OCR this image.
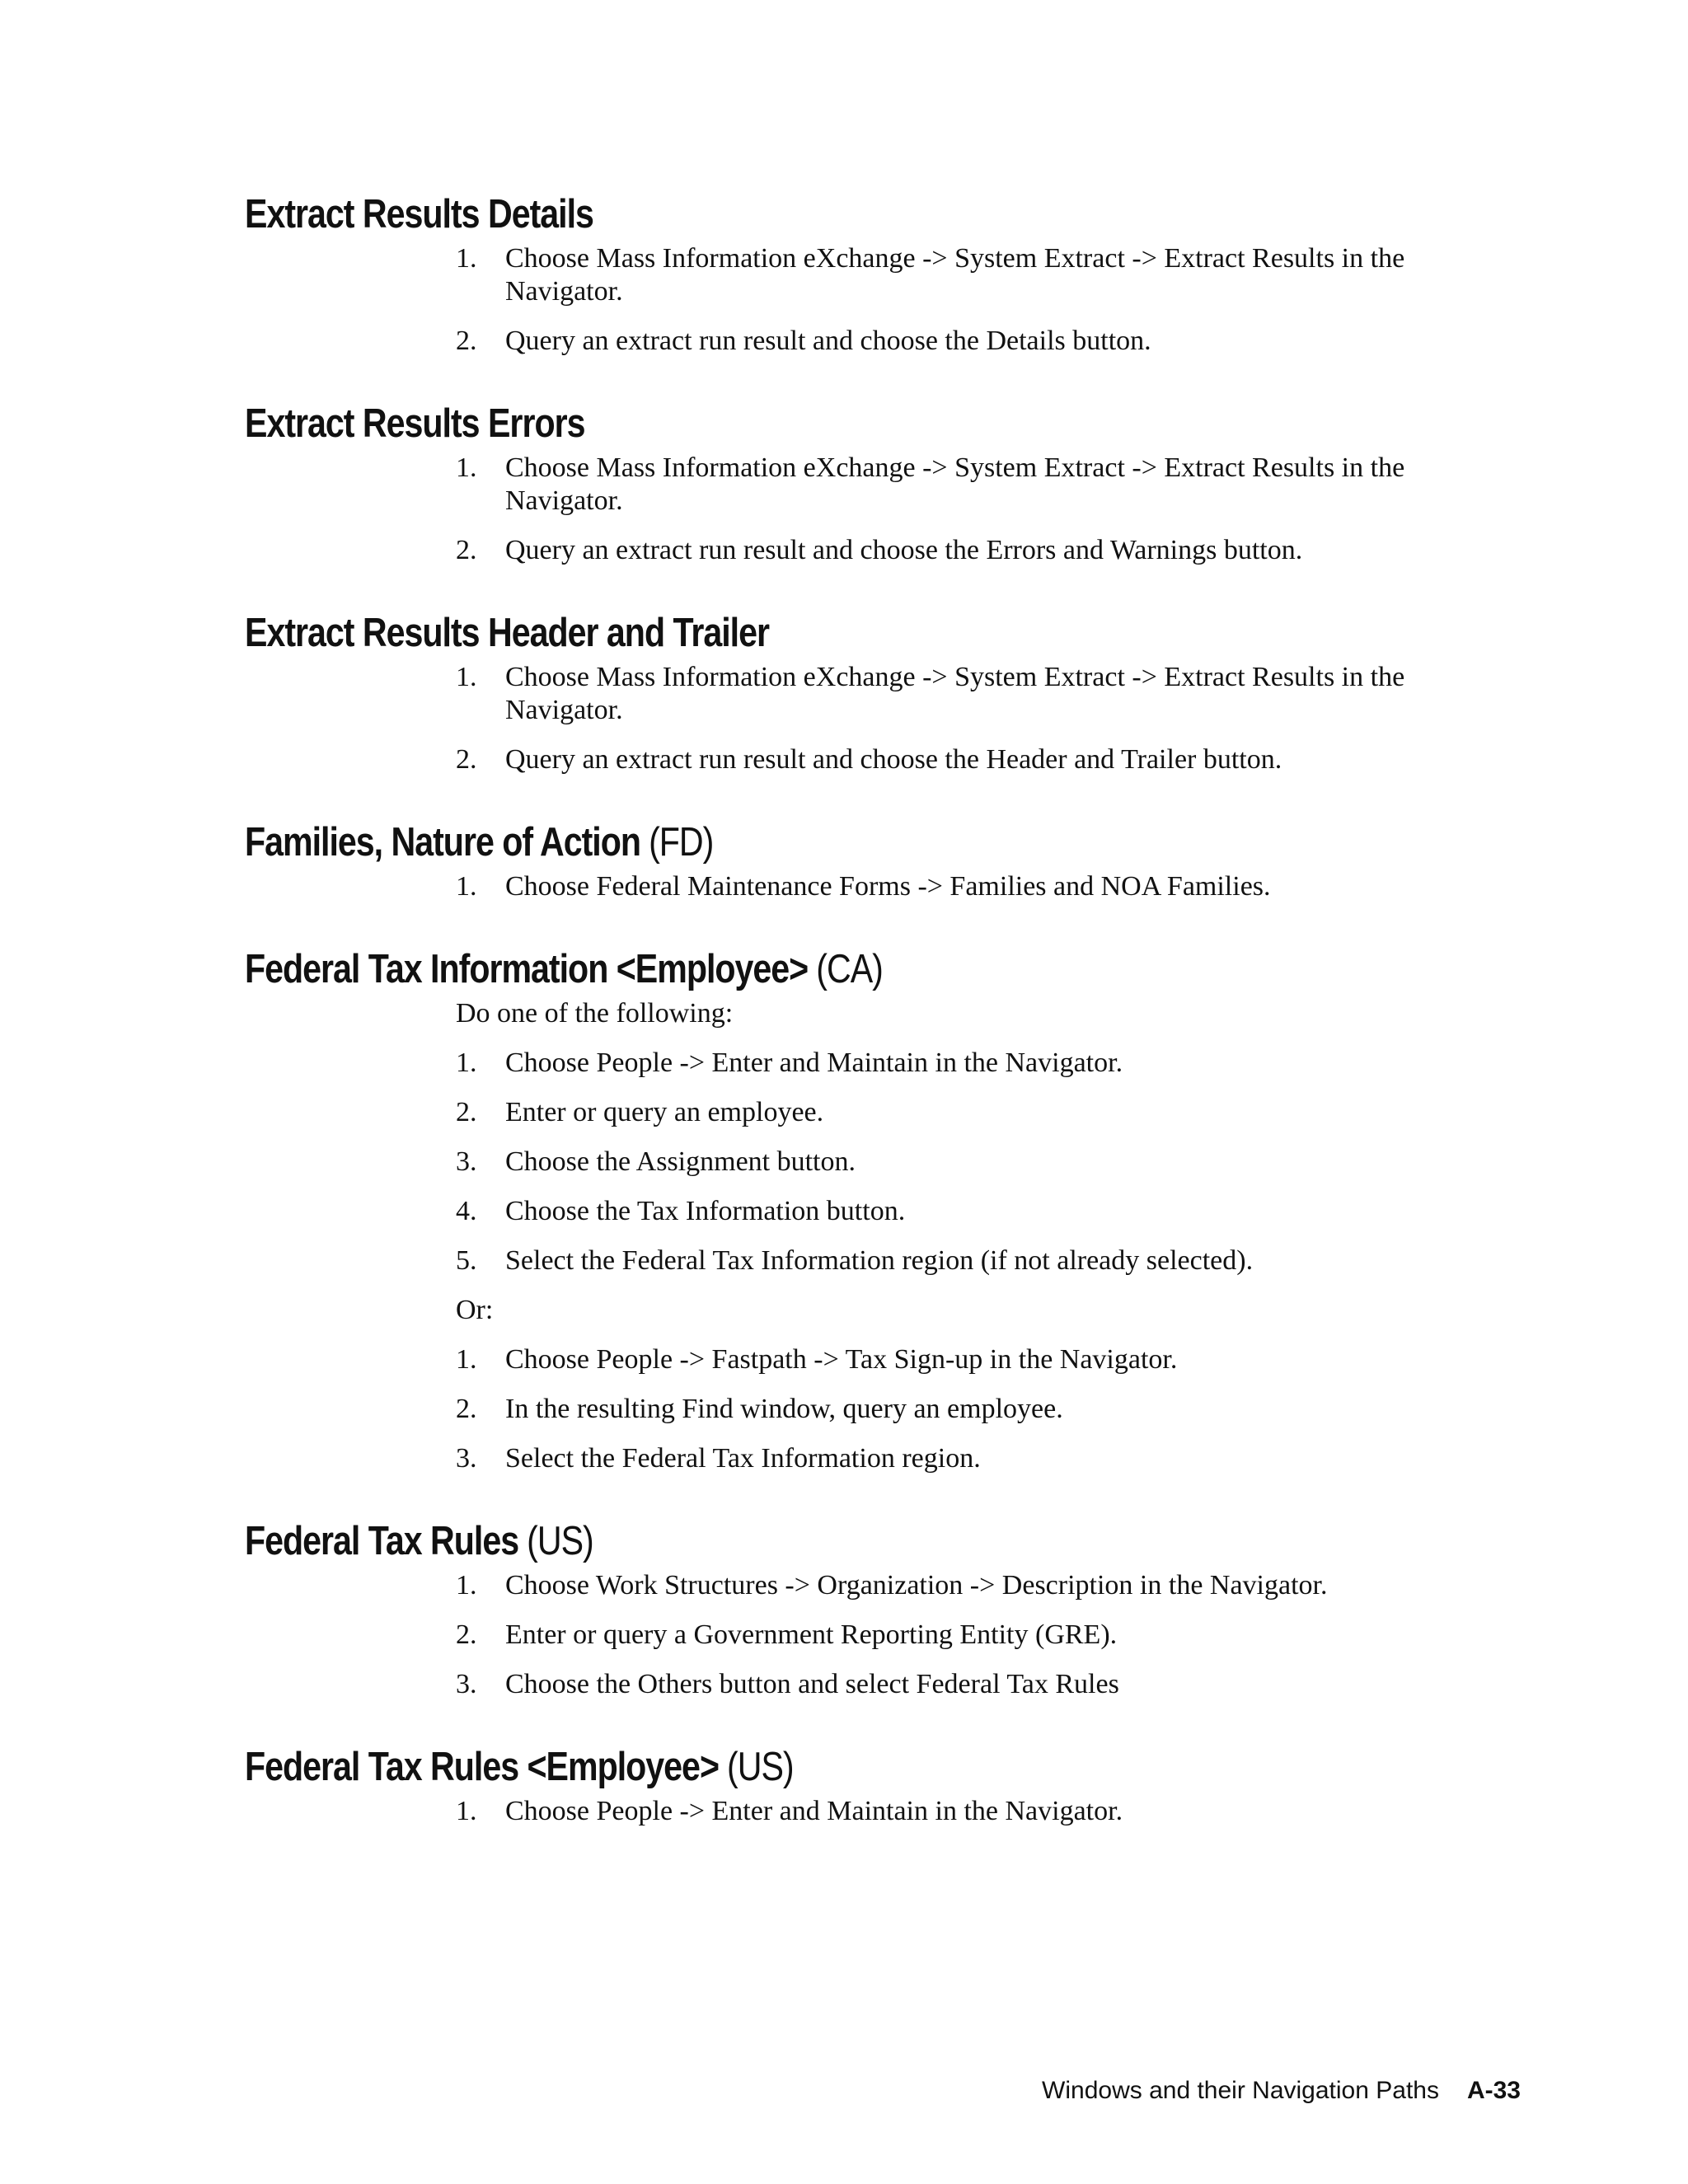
Extract Results Details
1.	Choose Mass Information eXchange -> System Extract -> Extract Results in the Navigator.
2.	Query an extract run result and choose the Details button.
Extract Results Errors
1.	Choose Mass Information eXchange -> System Extract -> Extract Results in the Navigator.
2.	Query an extract run result and choose the Errors and Warnings button.
Extract Results Header and Trailer
1.	Choose Mass Information eXchange -> System Extract -> Extract Results in the Navigator.
2.	Query an extract run result and choose the Header and Trailer button.
Families, Nature of Action (FD)
1.	Choose Federal Maintenance Forms -> Families and NOA Families.
Federal Tax Information <Employee> (CA)

Do one of the following:

1.	Choose People -> Enter and Maintain in the Navigator.
2.	Enter or query an employee.
3.	Choose the Assignment button.
4.	Choose the Tax Information button.
5.	Select the Federal Tax Information region (if not already selected).

Or:

1.	Choose People -> Fastpath -> Tax Sign-up in the Navigator.
2.	In the resulting Find window, query an employee.
3.	Select the Federal Tax Information region.
Federal Tax Rules (US)
1.	Choose Work Structures -> Organization -> Description in the Navigator.
2.	Enter or query a Government Reporting Entity (GRE).
3.	Choose the Others button and select Federal Tax Rules
Federal Tax Rules <Employee> (US)
1.	Choose People -> Enter and Maintain in the Navigator.
Windows and their Navigation Paths A-33
